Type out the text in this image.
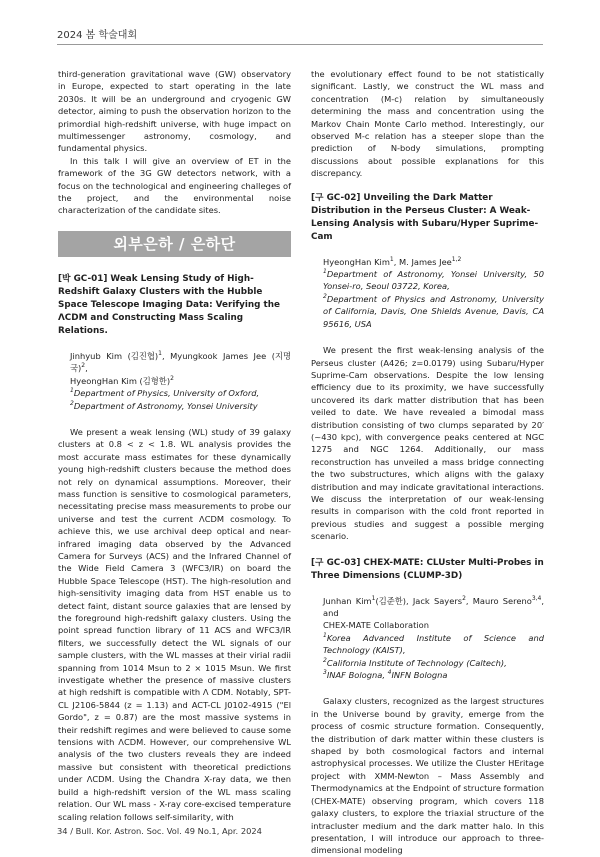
2024 봄 학술대회

third-generation gravitational wave (GW) observatory in Europe, expected to start operating in the late 2030s. It will be an underground and cryogenic GW detector, aiming to push the observation horizon to the primordial high-redshift universe, with huge impact on multimessenger astronomy, cosmology, and fundamental physics.

In this talk I will give an overview of ET in the framework of the 3G GW detectors network, with a focus on the technological and engineering challeges of the project, and the environmental noise characterization of the candidate sites.

외부은하 / 은하단
[박 GC-01] Weak Lensing Study of High-Redshift Galaxy Clusters with the Hubble Space Telescope Imaging Data: Verifying the ΛCDM and Constructing Mass Scaling Relations.

Jinhyub Kim (김진협)$^1$, Myungkook James Jee (지명국)$^2$,
HyeongHan Kim (김형한)$^2$

$^1$Department of Physics, University of Oxford,

$^2$Department of Astronomy, Yonsei University

We present a weak lensing (WL) study of 39 galaxy clusters at 0.8 < z < 1.8. WL analysis provides the most accurate mass estimates for these dynamically young high-redshift clusters because the method does not rely on dynamical assumptions. Moreover, their mass function is sensitive to cosmological parameters, necessitating precise mass measurements to probe our universe and test the current ΛCDM cosmology. To achieve this, we use archival deep optical and near-infrared imaging data observed by the Advanced Camera for Surveys (ACS) and the Infrared Channel of the Wide Field Camera 3 (WFC3/IR) on board the Hubble Space Telescope (HST). The high-resolution and high-sensitivity imaging data from HST enable us to detect faint, distant source galaxies that are lensed by the foreground high-redshift galaxy clusters. Using the point spread function library of 11 ACS and WFC3/IR filters, we successfully detect the WL signals of our sample clusters, with the WL masses at their virial radii spanning from 1014 Msun to 2 × 1015 Msun. We first investigate whether the presence of massive clusters at high redshift is compatible with Λ CDM. Notably, SPT-CL J2106-5844 (z = 1.13) and ACT-CL J0102-4915 ("El Gordo", z = 0.87) are the most massive systems in their redshift regimes and were believed to cause some tensions with ΛCDM. However, our comprehensive WL analysis of the two clusters reveals they are indeed massive but consistent with theoretical predictions under ΛCDM. Using the Chandra X-ray data, we then build a high-redshift version of the WL mass scaling relation. Our WL mass - X-ray core-excised temperature scaling relation follows self-similarity, with

the evolutionary effect found to be not statistically significant. Lastly, we construct the WL mass and concentration (M-c) relation by simultaneously determining the mass and concentration using the Markov Chain Monte Carlo method. Interestingly, our observed M-c relation has a steeper slope than the prediction of N-body simulations, prompting discussions about possible explanations for this discrepancy.

[구 GC-02] Unveiling the Dark Matter Distribution in the Perseus Cluster: A Weak-Lensing Analysis with Subaru/Hyper Suprime-Cam

HyeongHan Kim$^1$, M. James Jee$^{1,2}$

$^1$Department of Astronomy, Yonsei University, 50 Yonsei-ro, Seoul 03722, Korea,

$^2$Department of Physics and Astronomy, University of California, Davis, One Shields Avenue, Davis, CA 95616, USA

We present the first weak-lensing analysis of the Perseus cluster (A426; z=0.0179) using Subaru/Hyper Suprime-Cam observations. Despite the low lensing efficiency due to its proximity, we have successfully uncovered its dark matter distribution that has been veiled to date. We have revealed a bimodal mass distribution consisting of two clumps separated by 20′ (~430 kpc), with convergence peaks centered at NGC 1275 and NGC 1264. Additionally, our mass reconstruction has unveiled a mass bridge connecting the two substructures, which aligns with the galaxy distribution and may indicate gravitational interactions. We discuss the interpretation of our weak-lensing results in comparison with the cold front reported in previous studies and suggest a possible merging scenario.

[구 GC-03] CHEX-MATE: CLUster Multi-Probes in Three Dimensions (CLUMP-3D)

Junhan Kim$^1$(김준한), Jack Sayers$^2$, Mauro Sereno$^{3,4}$, and
CHEX-MATE Collaboration

$^1$Korea Advanced Institute of Science and Technology (KAIST),

$^2$California Institute of Technology (Caltech),

$^3$INAF Bologna, $^4$INFN Bologna

Galaxy clusters, recognized as the largest structures in the Universe bound by gravity, emerge from the process of cosmic structure formation. Consequently, the distribution of dark matter within these clusters is shaped by both cosmological factors and internal astrophysical processes. We utilize the Cluster HEritage project with XMM-Newton – Mass Assembly and Thermodynamics at the Endpoint of structure formation (CHEX-MATE) observing program, which covers 118 galaxy clusters, to explore the triaxial structure of the intracluster medium and the dark matter halo. In this presentation, I will introduce our approach to three-dimensional modeling

34 / Bull. Kor. Astron. Soc. Vol. 49 No.1, Apr. 2024
